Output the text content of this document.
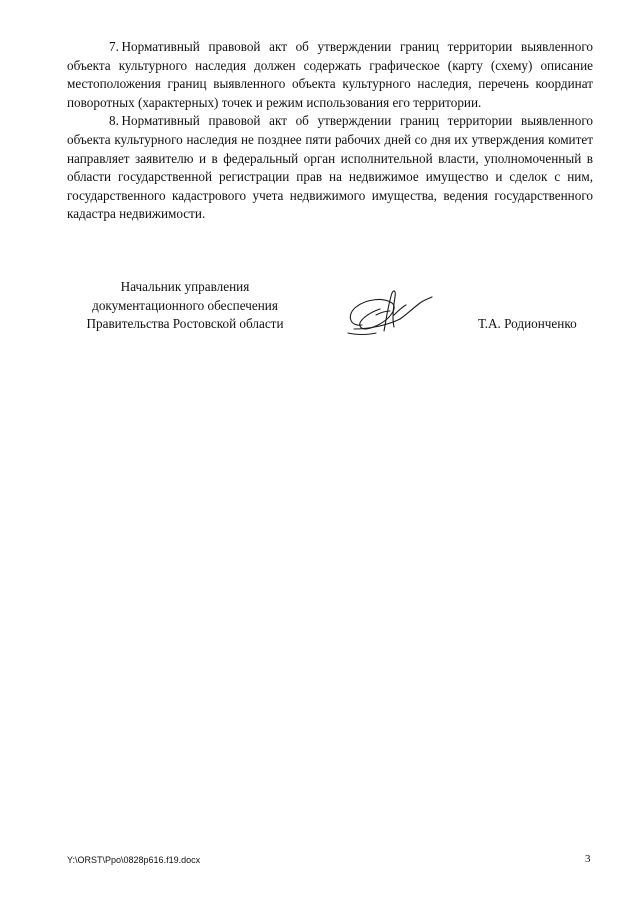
7.  Нормативный правовой акт об утверждении границ территории выявленного объекта культурного наследия должен содержать графическое (карту (схему) описание местоположения границ выявленного объекта культурного наследия, перечень координат поворотных (характерных) точек и режим использования его территории.

8.  Нормативный правовой акт об утверждении границ территории выявленного объекта культурного наследия не позднее пяти рабочих дней со дня их утверждения комитет направляет заявителю и в федеральный орган исполнительной власти, уполномоченный в области государственной регистрации прав на недвижимое имущество и сделок с ним, государственного кадастрового учета недвижимого имущества, ведения государственного кадастра недвижимости.

Начальник управления
документационного обеспечения
Правительства Ростовской области	Т.А. Родионченко
Y:\ORST\Ppo\0828p616.f19.docx	3
